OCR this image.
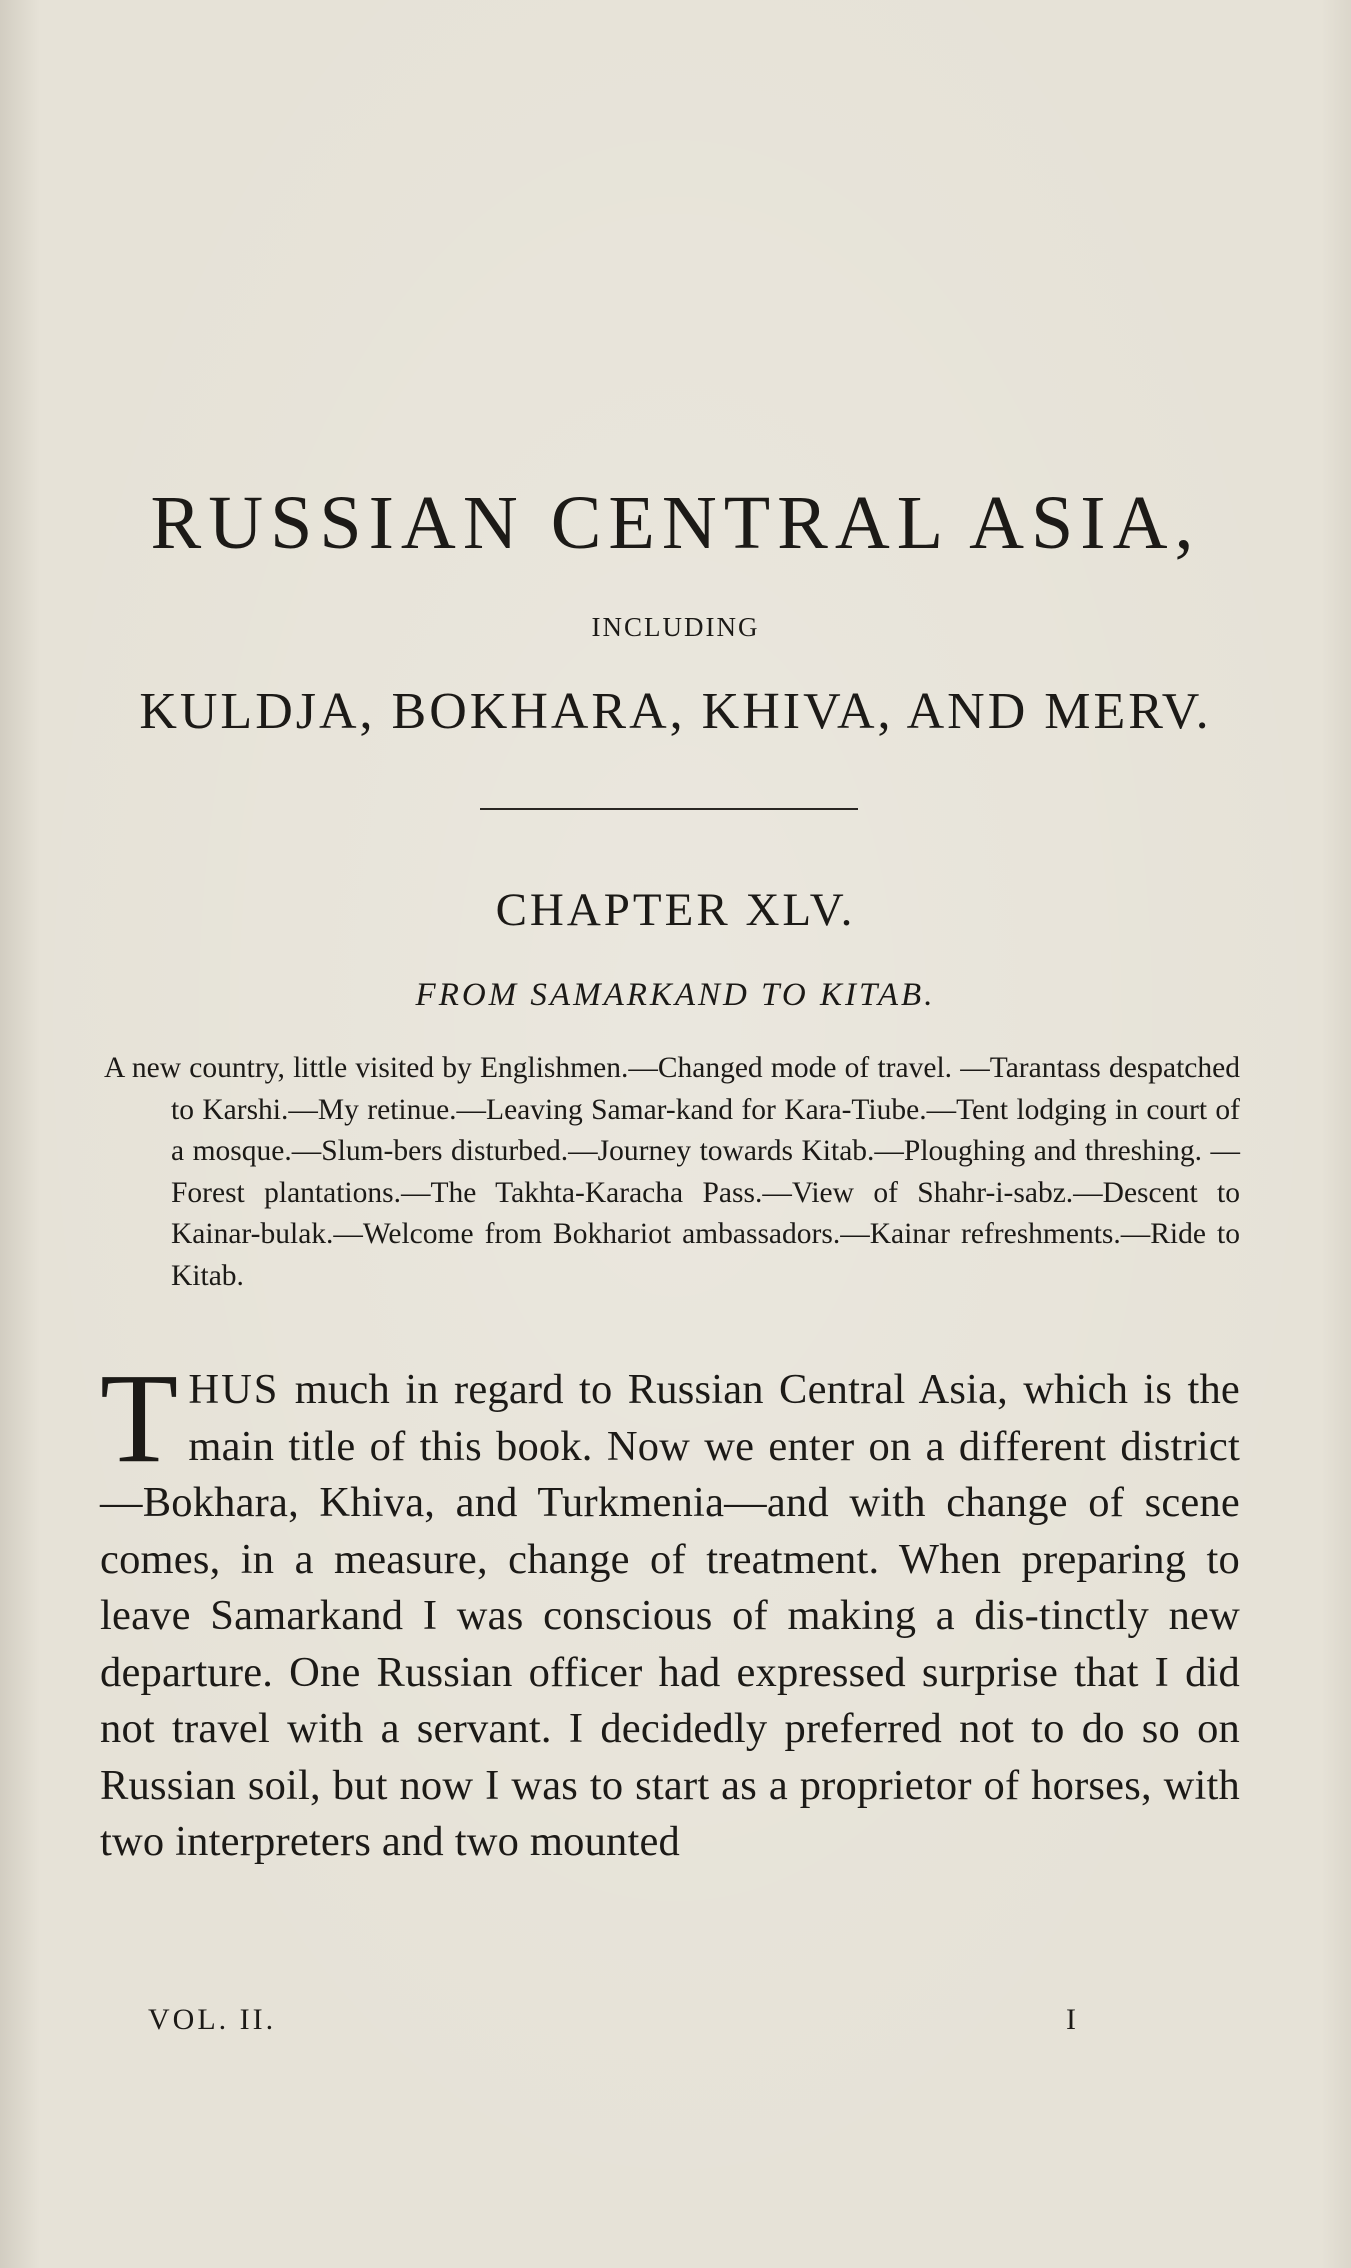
RUSSIAN CENTRAL ASIA,
INCLUDING
KULDJA, BOKHARA, KHIVA, AND MERV.
CHAPTER XLV.
FROM SAMARKAND TO KITAB.

A new country, little visited by Englishmen.—Changed mode of travel. —Tarantass despatched to Karshi.—My retinue.—Leaving Samar-kand for Kara-Tiube.—Tent lodging in court of a mosque.—Slum-bers disturbed.—Journey towards Kitab.—Ploughing and threshing. —Forest plantations.—The Takhta-Karacha Pass.—View of Shahr-i-sabz.—Descent to Kainar-bulak.—Welcome from Bokhariot ambassadors.—Kainar refreshments.—Ride to Kitab.

THUS much in regard to Russian Central Asia, which is the main title of this book. Now we enter on a different district—Bokhara, Khiva, and Turkmenia—and with change of scene comes, in a measure, change of treatment. When preparing to leave Samarkand I was conscious of making a dis-tinctly new departure. One Russian officer had expressed surprise that I did not travel with a servant. I decidedly preferred not to do so on Russian soil, but now I was to start as a proprietor of horses, with two interpreters and two mounted

VOL. II.	I
